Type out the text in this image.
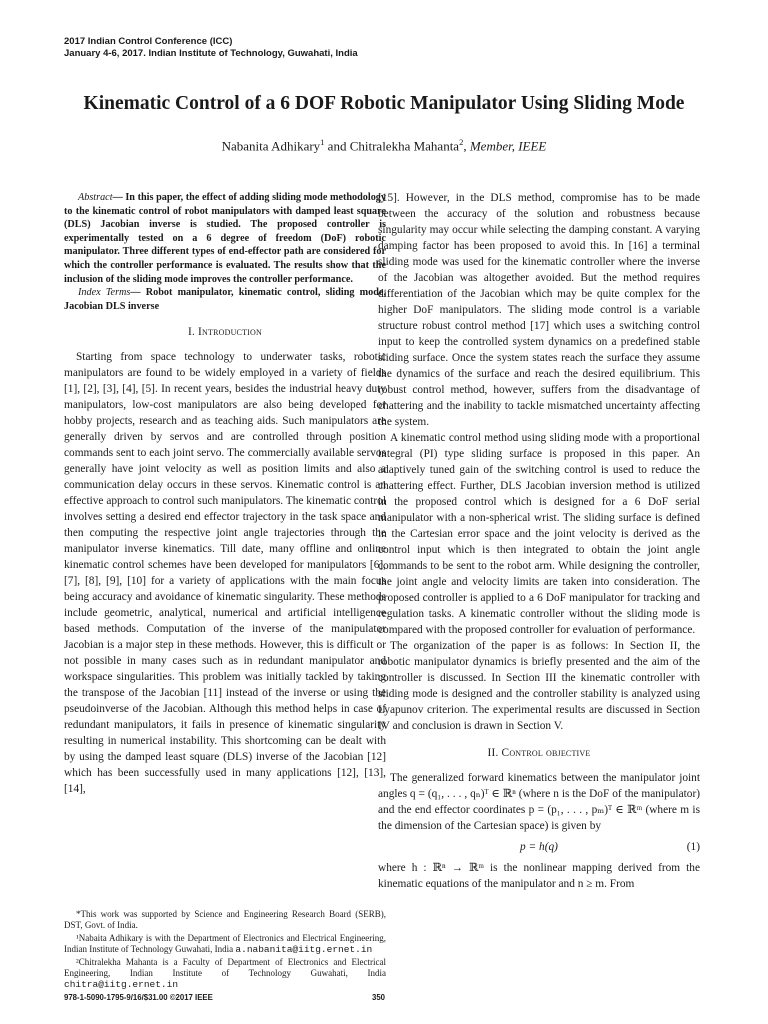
2017 Indian Control Conference (ICC)
January 4-6, 2017. Indian Institute of Technology, Guwahati, India
Kinematic Control of a 6 DOF Robotic Manipulator Using Sliding Mode
Nabanita Adhikary$^1$ and Chitralekha Mahanta$^2$, Member, IEEE

Abstract— In this paper, the effect of adding sliding mode methodology to the kinematic control of robot manipulators with damped least square (DLS) Jacobian inverse is studied. The proposed controller is experimentally tested on a 6 degree of freedom (DoF) robotic manipulator. Three different types of end-effector path are considered for which the controller performance is evaluated. The results show that the inclusion of the sliding mode improves the controller performance.

Index Terms— Robot manipulator, kinematic control, sliding mode, Jacobian DLS inverse

I. Introduction

Starting from space technology to underwater tasks, robotic manipulators are found to be widely employed in a variety of fields [1], [2], [3], [4], [5]. In recent years, besides the industrial heavy duty manipulators, low-cost manipulators are also being developed for hobby projects, research and as teaching aids. Such manipulators are generally driven by servos and are controlled through position commands sent to each joint servo. The commercially available servos generally have joint velocity as well as position limits and also a communication delay occurs in these servos. Kinematic control is an effective approach to control such manipulators. The kinematic control involves setting a desired end effector trajectory in the task space and then computing the respective joint angle trajectories through the manipulator inverse kinematics. Till date, many offline and online kinematic control schemes have been developed for manipulators [6], [7], [8], [9], [10] for a variety of applications with the main focus being accuracy and avoidance of kinematic singularity. These methods include geometric, analytical, numerical and artificial intelligence based methods. Computation of the inverse of the manipulator Jacobian is a major step in these methods. However, this is difficult or not possible in many cases such as in redundant manipulator and workspace singularities. This problem was initially tackled by taking the transpose of the Jacobian [11] instead of the inverse or using the pseudoinverse of the Jacobian. Although this method helps in case of redundant manipulators, it fails in presence of kinematic singularity resulting in numerical instability. This shortcoming can be dealt with by using the damped least square (DLS) inverse of the Jacobian [12] which has been successfully used in many applications [12], [13], [14],

[15]. However, in the DLS method, compromise has to be made between the accuracy of the solution and robustness because singularity may occur while selecting the damping constant. A varying damping factor has been proposed to avoid this. In [16] a terminal sliding mode was used for the kinematic controller where the inverse of the Jacobian was altogether avoided. But the method requires differentiation of the Jacobian which may be quite complex for the higher DoF manipulators. The sliding mode control is a variable structure robust control method [17] which uses a switching control input to keep the controlled system dynamics on a predefined stable sliding surface. Once the system states reach the surface they assume the dynamics of the surface and reach the desired equilibrium. This robust control method, however, suffers from the disadvantage of chattering and the inability to tackle mismatched uncertainty affecting the system.

A kinematic control method using sliding mode with a proportional integral (PI) type sliding surface is proposed in this paper. An adaptively tuned gain of the switching control is used to reduce the chattering effect. Further, DLS Jacobian inversion method is utilized in the proposed control which is designed for a 6 DoF serial manipulator with a non-spherical wrist. The sliding surface is defined in the Cartesian error space and the joint velocity is derived as the control input which is then integrated to obtain the joint angle commands to be sent to the robot arm. While designing the controller, the joint angle and velocity limits are taken into consideration. The proposed controller is applied to a 6 DoF manipulator for tracking and regulation tasks. A kinematic controller without the sliding mode is compared with the proposed controller for evaluation of performance.

The organization of the paper is as follows: In Section II, the robotic manipulator dynamics is briefly presented and the aim of the controller is discussed. In Section III the kinematic controller with sliding mode is designed and the controller stability is analyzed using Lyapunov criterion. The experimental results are discussed in Section IV and conclusion is drawn in Section V.

II. Control objective

The generalized forward kinematics between the manipulator joint angles q = (q₁, . . . , qₙ)ᵀ ∈ ℝⁿ (where n is the DoF of the manipulator) and the end effector coordinates p = (p₁, . . . , pₘ)ᵀ ∈ ℝᵐ (where m is the dimension of the Cartesian space) is given by

p = h(q)	(1)

where h : ℝⁿ → ℝᵐ is the nonlinear mapping derived from the kinematic equations of the manipulator and n ≥ m. From

*This work was supported by Science and Engineering Research Board (SERB), DST, Govt. of India.

¹Nabaita Adhikary is with the Department of Electronics and Electrical Engineering, Indian Institute of Technology Guwahati, India a.nabanita@iitg.ernet.in

²Chitralekha Mahanta is a Faculty of Department of Electronics and Electrical Engineering, Indian Institute of Technology Guwahati, India chitra@iitg.ernet.in

978-1-5090-1795-9/16/$31.00 ©2017 IEEE	350
